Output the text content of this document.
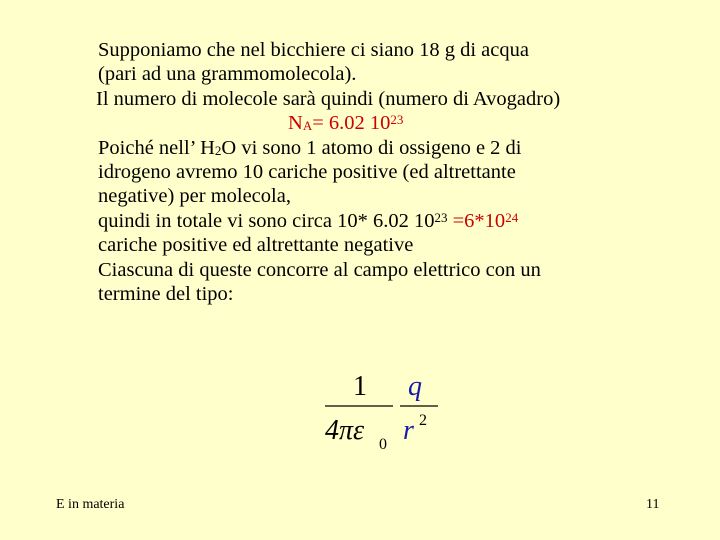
Supponiamo che nel bicchiere ci siano 18 g di acqua
(pari ad una grammomolecola).
Il numero di molecole sarà quindi (numero di Avogadro)
$N_A= 6.02$ $10^{23}$
Poiché nell’ $H_2O$ vi sono 1 atomo di ossigeno e 2 di
idrogeno avremo 10 cariche positive (ed altrettante
negative) per molecola,
quindi in totale vi sono circa 10* 6.02 $10^{23} =6*10^{24}$
cariche positive ed altrettante negative
Ciascuna di queste concorre al campo elettrico con un
termine del tipo:
1
4πε 0
q
r 2
E in materia	11
